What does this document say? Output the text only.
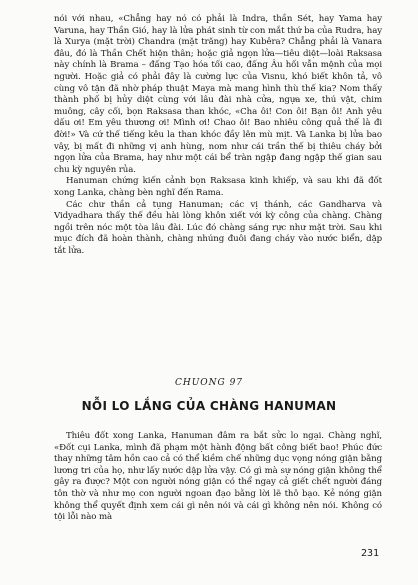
nói với nhau, «Chẳng hay nó có phải là Indra, thần Sét, hay Yama hay Varuna, hay Thần Gió, hay là lửa phát sinh từ con mắt thứ ba của Rudra, hay là Xurya (mặt trời) Chandra (mặt trăng) hay Kubêra? Chẳng phải là Vanara đâu, đó là Thần Chết hiện thân; hoặc giả ngọn lửa—tiêu diệt—loài Raksasa này chính là Brama – đấng Tạo hóa tối cao, đấng Âu hối vẫn mệnh của mọi người. Hoặc giả có phải đây là cường lực của Visnu, khó biết khôn tả, vô cùng vô tận đã nhờ pháp thuật Maya mà mang hình thù thế kia? Nom thấy thành phố bị hủy diệt cùng với lâu đài nhà cửa, ngựa xe, thú vật, chim muông, cây cối, bọn Raksasa than khóc, «Cha ôi! Con ôi! Bạn ôi! Anh yêu dấu ơi! Em yêu thương ơi! Mình ơi! Chao ôi! Bao nhiêu công quả thế là đi đời!» Và cứ thế tiếng kêu la than khóc đầy lên mù mịt. Và Lanka bị lửa bao vây, bị mất đi những vị anh hùng, nom như cái trần thế bị thiêu cháy bởi ngọn lửa của Brama, hay như một cái bể tràn ngập đang ngập thế gian sau chu kỳ nguyên rủa.

Hanuman chứng kiến cảnh bọn Raksasa kinh khiếp, và sau khi đã đốt xong Lanka, chàng bèn nghĩ đến Rama.

Các chư thần cả tụng Hanuman; các vị thánh, các Gandharva và Vidyadhara thấy thế đều hài lòng khôn xiết với kỳ công của chàng. Chàng ngồi trên nóc một tòa lâu đài. Lúc đó chàng sáng rực như mặt trời. Sau khi mục đích đã hoàn thành, chàng nhúng đuôi đang cháy vào nước biển, dập tắt lửa.

CHUONG 97
NỖI LO LẮNG CỦA CHÀNG HANUMAN

Thiêu đốt xong Lanka, Hanuman đâm ra bắt sửc lo ngại. Chàng nghĩ, «Đốt cụi Lanka, mình đã phạm một hành động bất công biết bao! Phúc đức thay những tâm hồn cao cả có thể kiềm chế những dục vọng nóng giận bằng lương tri của họ, như lấy nước dập lửa vậy. Có gì mà sự nóng giận không thể gây ra được? Một con người nóng giận có thể ngay cả giết chết người đáng tôn thờ và như mọ con người ngoan đạo bằng lời lẽ thô bạo. Kẻ nóng giận không thể quyết định xem cái gì nên nói và cái gì không nên nói. Không có tội lỗi nào mà

231
